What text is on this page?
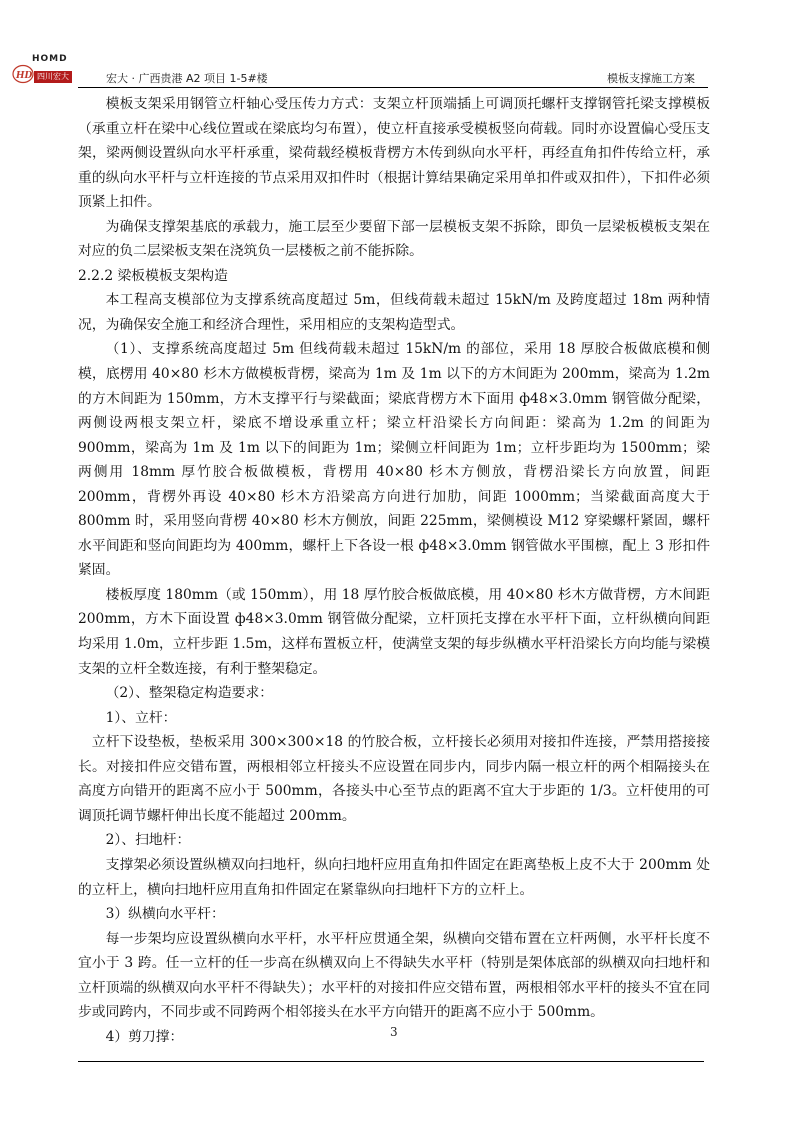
HOMD
HD 四川宏大	宏大 · 广西贵港 A2 项目 1-5#楼	模板支撑施工方案

模板支架采用钢管立杆轴心受压传力方式：支架立杆顶端插上可调顶托螺杆支撑钢管托梁支撑模板（承重立杆在梁中心线位置或在梁底均匀布置），使立杆直接承受模板竖向荷载。同时亦设置偏心受压支架，梁两侧设置纵向水平杆承重，梁荷载经模板背楞方木传到纵向水平杆，再经直角扣件传给立杆，承重的纵向水平杆与立杆连接的节点采用双扣件时（根据计算结果确定采用单扣件或双扣件），下扣件必须顶紧上扣件。

为确保支撑架基底的承载力，施工层至少要留下部一层模板支架不拆除，即负一层梁板模板支架在对应的负二层梁板支架在浇筑负一层楼板之前不能拆除。

2.2.2 梁板模板支架构造

本工程高支模部位为支撑系统高度超过 5m，但线荷载未超过 15kN/m 及跨度超过 18m 两种情况，为确保安全施工和经济合理性，采用相应的支架构造型式。

（1）、支撑系统高度超过 5m 但线荷载未超过 15kN/m 的部位，采用 18 厚胶合板做底模和侧模，底楞用 40×80 杉木方做模板背楞，梁高为 1m 及 1m 以下的方木间距为 200mm，梁高为 1.2m 的方木间距为 150mm，方木支撑平行与梁截面；梁底背楞方木下面用 ф48×3.0mm 钢管做分配梁，两侧设两根支架立杆，梁底不增设承重立杆；梁立杆沿梁长方向间距：梁高为 1.2m 的间距为 900mm，梁高为 1m 及 1m 以下的间距为 1m；梁侧立杆间距为 1m；立杆步距均为 1500mm；梁两侧用 18mm 厚竹胶合板做模板，背楞用 40×80 杉木方侧放，背楞沿梁长方向放置，间距 200mm，背楞外再设 40×80 杉木方沿梁高方向进行加肋，间距 1000mm；当梁截面高度大于 800mm 时，采用竖向背楞 40×80 杉木方侧放，间距 225mm，梁侧模设 M12 穿梁螺杆紧固，螺杆水平间距和竖向间距均为 400mm，螺杆上下各设一根 ф48×3.0mm 钢管做水平围檩，配上 3 形扣件紧固。

楼板厚度 180mm（或 150mm），用 18 厚竹胶合板做底模，用 40×80 杉木方做背楞，方木间距 200mm，方木下面设置 ф48×3.0mm 钢管做分配梁，立杆顶托支撑在水平杆下面，立杆纵横向间距均采用 1.0m，立杆步距 1.5m，这样布置板立杆，使满堂支架的每步纵横水平杆沿梁长方向均能与梁模支架的立杆全数连接，有利于整架稳定。

（2）、整架稳定构造要求：

1）、立杆：

立杆下设垫板，垫板采用 300×300×18 的竹胶合板，立杆接长必须用对接扣件连接，严禁用搭接接长。对接扣件应交错布置，两根相邻立杆接头不应设置在同步内，同步内隔一根立杆的两个相隔接头在高度方向错开的距离不应小于 500mm，各接头中心至节点的距离不宜大于步距的 1/3。立杆使用的可调顶托调节螺杆伸出长度不能超过 200mm。

2）、扫地杆：

支撑架必须设置纵横双向扫地杆，纵向扫地杆应用直角扣件固定在距离垫板上皮不大于 200mm 处的立杆上，横向扫地杆应用直角扣件固定在紧靠纵向扫地杆下方的立杆上。

3）纵横向水平杆：

每一步架均应设置纵横向水平杆，水平杆应贯通全架，纵横向交错布置在立杆两侧，水平杆长度不宜小于 3 跨。任一立杆的任一步高在纵横双向上不得缺失水平杆（特别是架体底部的纵横双向扫地杆和立杆顶端的纵横双向水平杆不得缺失）；水平杆的对接扣件应交错布置，两根相邻水平杆的接头不宜在同步或同跨内，不同步或不同跨两个相邻接头在水平方向错开的距离不应小于 500mm。

4）剪刀撑：	3
